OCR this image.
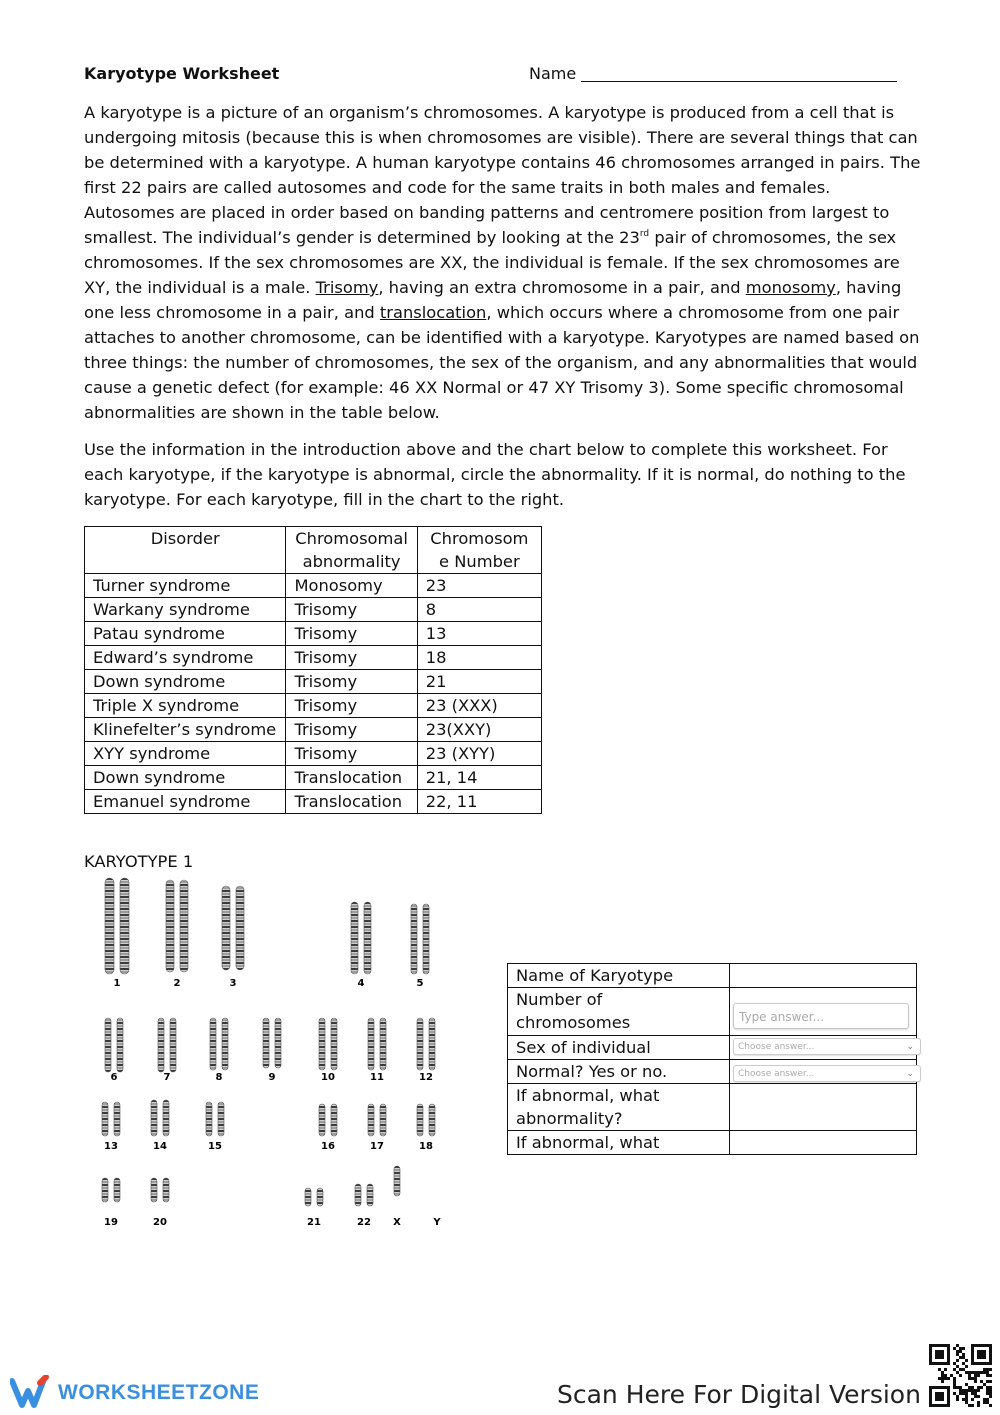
Karyotype Worksheet	Name

A karyotype is a picture of an organism’s chromosomes. A karyotype is produced from a cell that is undergoing mitosis (because this is when chromosomes are visible). There are several things that can be determined with a karyotype. A human karyotype contains 46 chromosomes arranged in pairs. The first 22 pairs are called autosomes and code for the same traits in both males and females. Autosomes are placed in order based on banding patterns and centromere position from largest to smallest. The individual’s gender is determined by looking at the 23rd pair of chromosomes, the sex chromosomes. If the sex chromosomes are XX, the individual is female. If the sex chromosomes are XY, the individual is a male. Trisomy, having an extra chromosome in a pair, and monosomy, having one less chromosome in a pair, and translocation, which occurs where a chromosome from one pair attaches to another chromosome, can be identified with a karyotype. Karyotypes are named based on three things: the number of chromosomes, the sex of the organism, and any abnormalities that would cause a genetic defect (for example: 46 XX Normal or 47 XY Trisomy 3). Some specific chromosomal abnormalities are shown in the table below.

Use the information in the introduction above and the chart below to complete this worksheet. For each karyotype, if the karyotype is abnormal, circle the abnormality. If it is normal, do nothing to the karyotype. For each karyotype, fill in the chart to the right.

Disorder	Chromosomal abnormality	Chromosom e Number
Turner syndrome	Monosomy	23
Warkany syndrome	Trisomy	8
Patau syndrome	Trisomy	13
Edward’s syndrome	Trisomy	18
Down syndrome	Trisomy	21
Triple X syndrome	Trisomy	23 (XXX)
Klinefelter’s syndrome	Trisomy	23(XXY)
XYY syndrome	Trisomy	23 (XYY)
Down syndrome	Translocation	21, 14
Emanuel syndrome	Translocation	22, 11
KARYOTYPE 1
1	2	3	4	5
6	7	8	9	10	11	12
13	14	15	16	17	18
19	20	21	22 X	Y
Name of Karyotype	
Number of chromosomes	Type answer...

Sex of individual	Choose answer... ⌄

Normal? Yes or no.	Choose answer... ⌄

If abnormal, what abnormality?	
If abnormal, what	
WORKSHEETZONE	Scan Here For Digital Version
